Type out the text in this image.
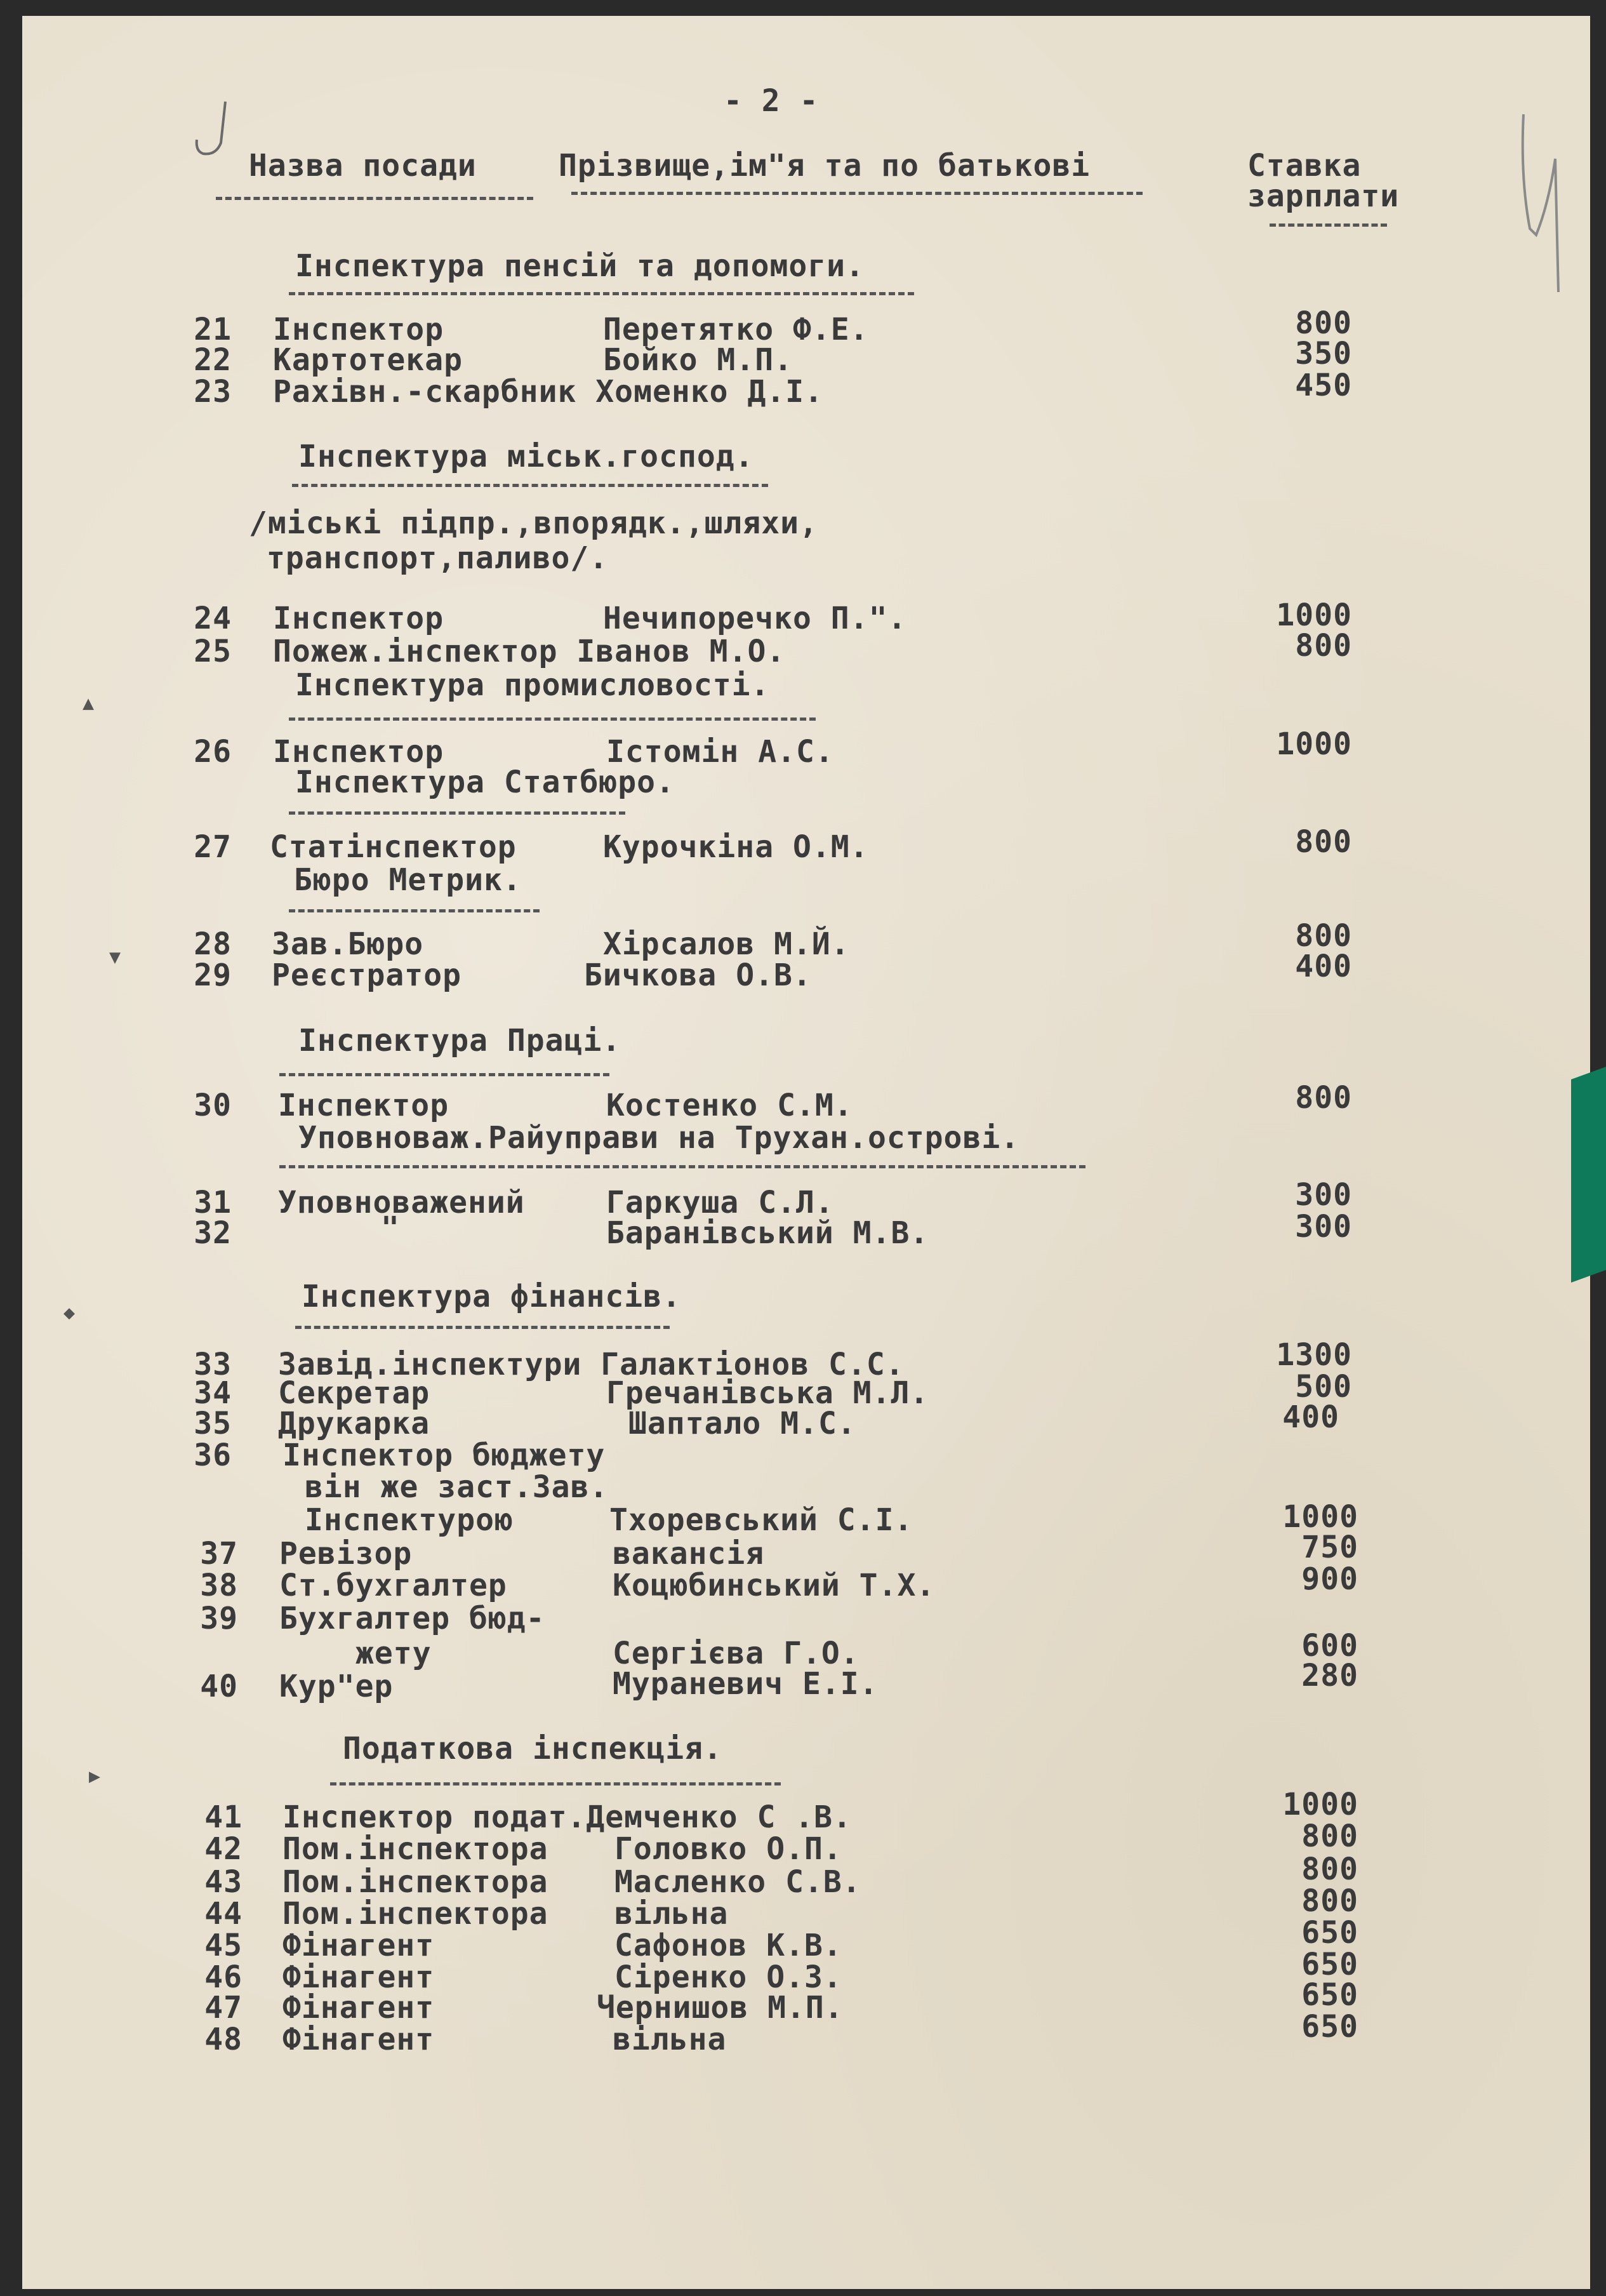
- 2 -
Назва посади	Прізвище,ім"я та по батькові	Ставка
зарплати
Інспектура пенсій та допомоги.
21 Інспектор	Перетятко Ф.Е.	800
22 Картотекар	Бойко М.П.	350
23 Рахівн.-скарбник Хоменко Д.І.	450
Інспектура міськ.господ.
/міські підпр.,впорядк.,шляхи,
транспорт,паливо/.
24 Інспектор	Нечипоречко П.".	1000
25 Пожеж.інспектор Іванов М.О.	800
Інспектура промисловості.
26 Інспектор	Істомін А.С.	1000
Інспектура Статбюро.
27 Статінспектор	Курочкіна О.М.	800
Бюро Метрик.
28 Зав.Бюро	Хірсалов М.Й.	800
29 Реєстратор	Бичкова О.В.	400
Інспектура Праці.
30 Інспектор	Костенко С.М.	800
Уповноваж.Райуправи на Трухан.острові.
31 Уповноважений	Гаркуша С.Л.	300
32	"	Баранівський М.В.	300
Інспектура фінансів.
33 Завід.інспектури Галактіонов С.С.	1300
34 Секретар	Гречанівська М.Л.	500
35 Друкарка	Шаптало М.С.	400
36 Інспектор бюджету
він же заст.Зав.
Інспектурою	Тхоревський С.І.	1000
37 Ревізор	вакансія	750
38 Ст.бухгалтер	Коцюбинський Т.Х.	900
39 Бухгалтер бюд-
жету	Сергієва Г.О.	600
40 Кур"ер	Мураневич Е.І.	280
Податкова інспекція.
41 Інспектор подат.Демченко С .В.	1000
42 Пом.інспектора Головко О.П.	800
43 Пом.інспектора Масленко С.В.	800
44 Пом.інспектора вільна	800
45 Фінагент	Сафонов К.В.	650
46 Фінагент	Сіренко О.З.	650
47 Фінагент	Чернишов М.П.	650
48 Фінагент	вільна	650
▲
▼
◆
▶
